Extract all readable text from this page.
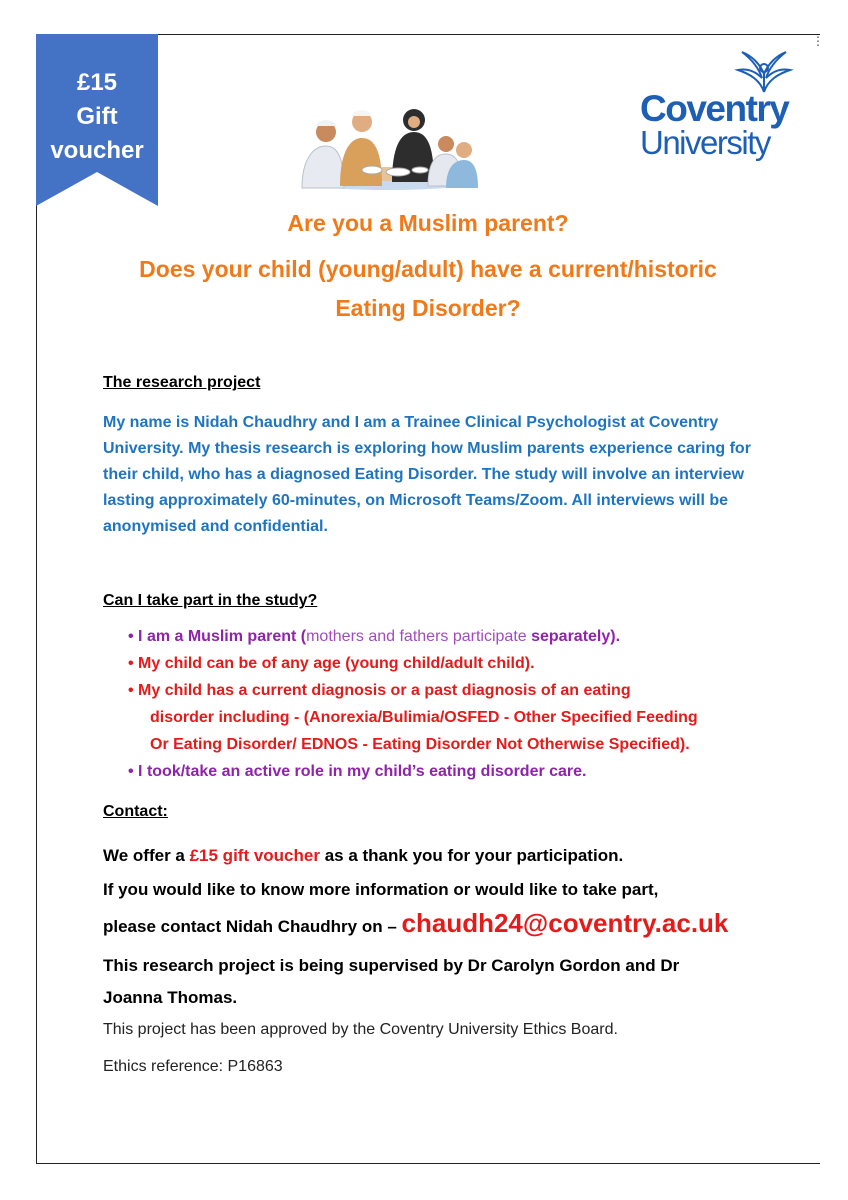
⋮
£15
Gift
voucher
Coventry
University
Are you a Muslim parent?
Does your child (young/adult) have a current/historic
Eating Disorder?
The research project
My name is Nidah Chaudhry and I am a Trainee Clinical Psychologist at Coventry University. My thesis research is exploring how Muslim parents experience caring for their child, who has a diagnosed Eating Disorder. The study will involve an interview lasting approximately 60-minutes, on Microsoft Teams/Zoom. All interviews will be anonymised and confidential.
Can I take part in the study?
• I am a Muslim parent (mothers and fathers participate separately).
• My child can be of any age (young child/adult child).
• My child has a current diagnosis or a past diagnosis of an eating
disorder including - (Anorexia/Bulimia/OSFED - Other Specified Feeding
Or Eating Disorder/ EDNOS - Eating Disorder Not Otherwise Specified).
• I took/take an active role in my child’s eating disorder care.
Contact:
We offer a £15 gift voucher as a thank you for your participation.
If you would like to know more information or would like to take part,
please contact Nidah Chaudhry on – chaudh24@coventry.ac.uk
This research project is being supervised by Dr Carolyn Gordon and Dr
Joanna Thomas.
This project has been approved by the Coventry University Ethics Board.
Ethics reference: P16863
